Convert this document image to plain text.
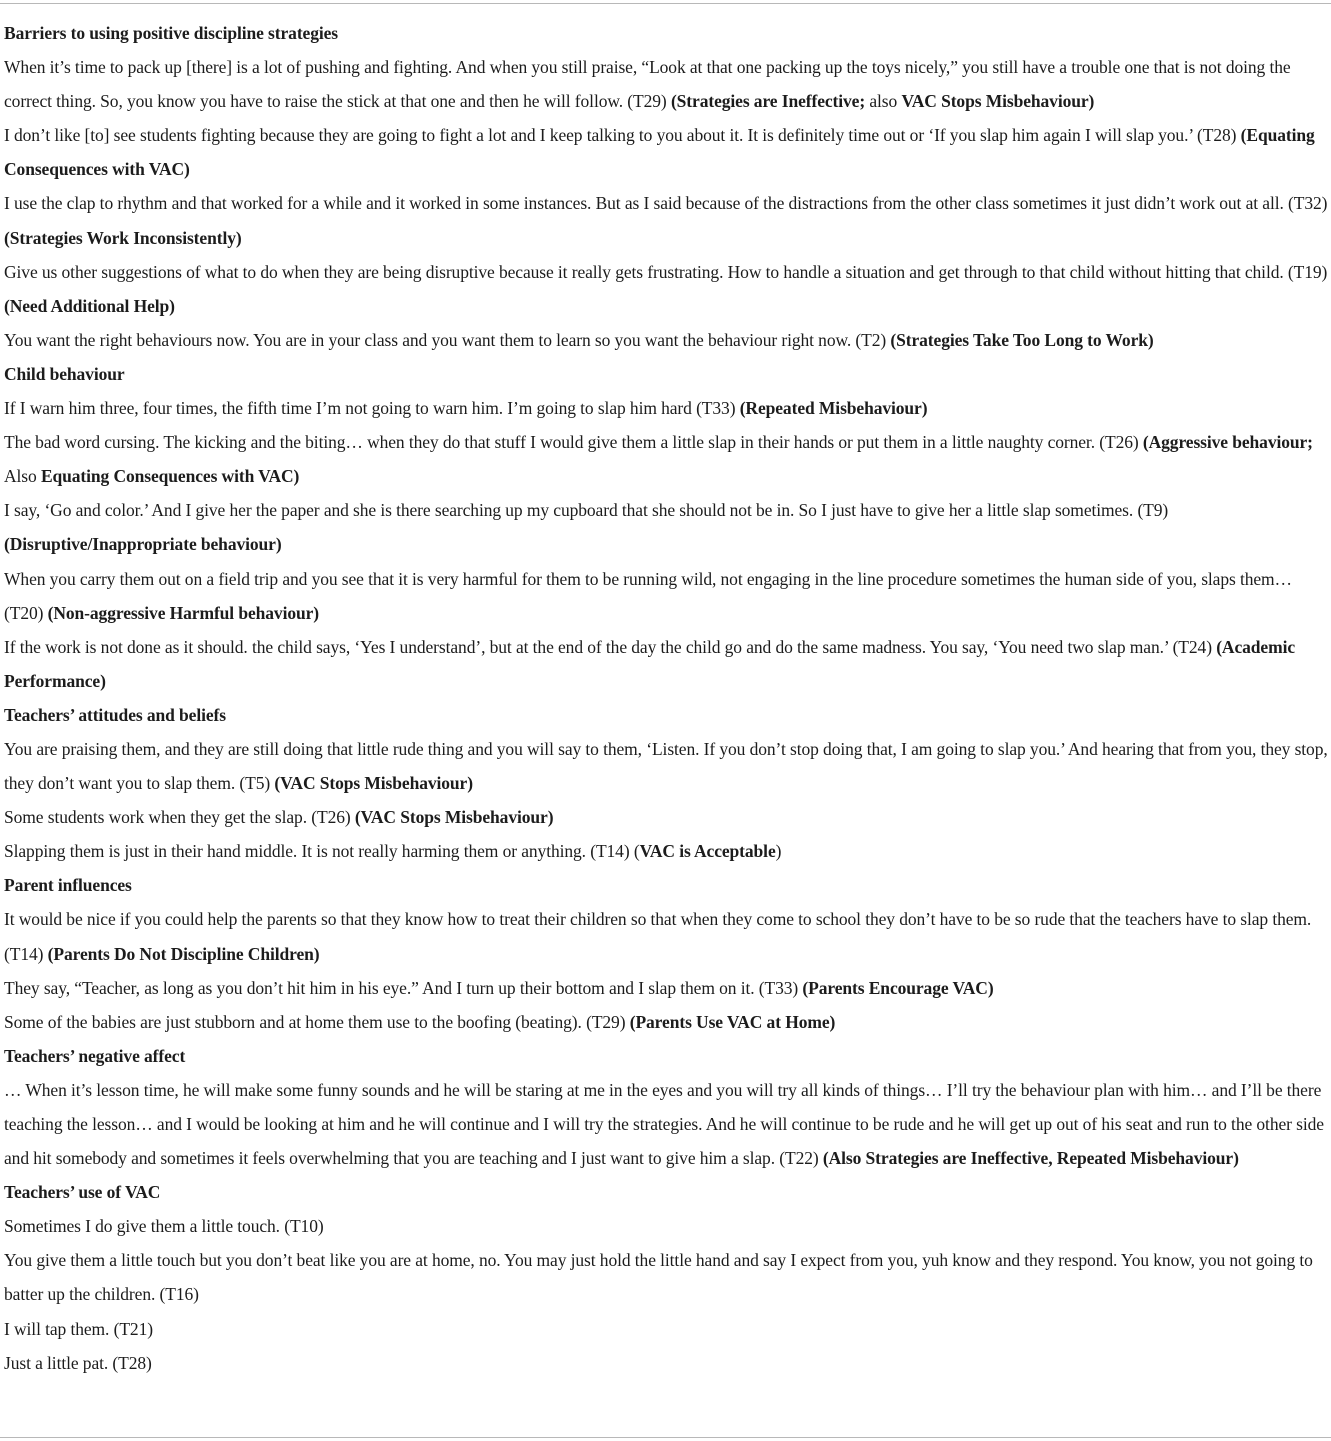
Barriers to using positive discipline strategies

When it’s time to pack up [there] is a lot of pushing and fighting. And when you still praise, “Look at that one packing up the toys nicely,” you still have a trouble one that is not doing the correct thing. So, you know you have to raise the stick at that one and then he will follow. (T29) (Strategies are Ineffective; also VAC Stops Misbehaviour)

I don’t like [to] see students fighting because they are going to fight a lot and I keep talking to you about it. It is definitely time out or ‘If you slap him again I will slap you.’ (T28) (Equating Consequences with VAC)

I use the clap to rhythm and that worked for a while and it worked in some instances. But as I said because of the distractions from the other class sometimes it just didn’t work out at all. (T32) (Strategies Work Inconsistently)

Give us other suggestions of what to do when they are being disruptive because it really gets frustrating. How to handle a situation and get through to that child without hitting that child. (T19) (Need Additional Help)

You want the right behaviours now. You are in your class and you want them to learn so you want the behaviour right now. (T2) (Strategies Take Too Long to Work)

Child behaviour

If I warn him three, four times, the fifth time I’m not going to warn him. I’m going to slap him hard (T33) (Repeated Misbehaviour)

The bad word cursing. The kicking and the biting… when they do that stuff I would give them a little slap in their hands or put them in a little naughty corner. (T26) (Aggressive behaviour; Also Equating Consequences with VAC)

I say, ‘Go and color.’ And I give her the paper and she is there searching up my cupboard that she should not be in. So I just have to give her a little slap sometimes. (T9) (Disruptive/Inappropriate behaviour)

When you carry them out on a field trip and you see that it is very harmful for them to be running wild, not engaging in the line procedure sometimes the human side of you, slaps them… (T20) (Non-aggressive Harmful behaviour)

If the work is not done as it should. the child says, ‘Yes I understand’, but at the end of the day the child go and do the same madness. You say, ‘You need two slap man.’ (T24) (Academic Performance)

Teachers’ attitudes and beliefs

You are praising them, and they are still doing that little rude thing and you will say to them, ‘Listen. If you don’t stop doing that, I am going to slap you.’ And hearing that from you, they stop, they don’t want you to slap them. (T5) (VAC Stops Misbehaviour)

Some students work when they get the slap. (T26) (VAC Stops Misbehaviour)

Slapping them is just in their hand middle. It is not really harming them or anything. (T14) (VAC is Acceptable)

Parent influences

It would be nice if you could help the parents so that they know how to treat their children so that when they come to school they don’t have to be so rude that the teachers have to slap them. (T14) (Parents Do Not Discipline Children)

They say, “Teacher, as long as you don’t hit him in his eye.” And I turn up their bottom and I slap them on it. (T33) (Parents Encourage VAC)

Some of the babies are just stubborn and at home them use to the boofing (beating). (T29) (Parents Use VAC at Home)

Teachers’ negative affect

… When it’s lesson time, he will make some funny sounds and he will be staring at me in the eyes and you will try all kinds of things… I’ll try the behaviour plan with him… and I’ll be there teaching the lesson… and I would be looking at him and he will continue and I will try the strategies. And he will continue to be rude and he will get up out of his seat and run to the other side and hit somebody and sometimes it feels overwhelming that you are teaching and I just want to give him a slap. (T22) (Also Strategies are Ineffective, Repeated Misbehaviour)

Teachers’ use of VAC

Sometimes I do give them a little touch. (T10)

You give them a little touch but you don’t beat like you are at home, no. You may just hold the little hand and say I expect from you, yuh know and they respond. You know, you not going to batter up the children. (T16)

I will tap them. (T21)

Just a little pat. (T28)
